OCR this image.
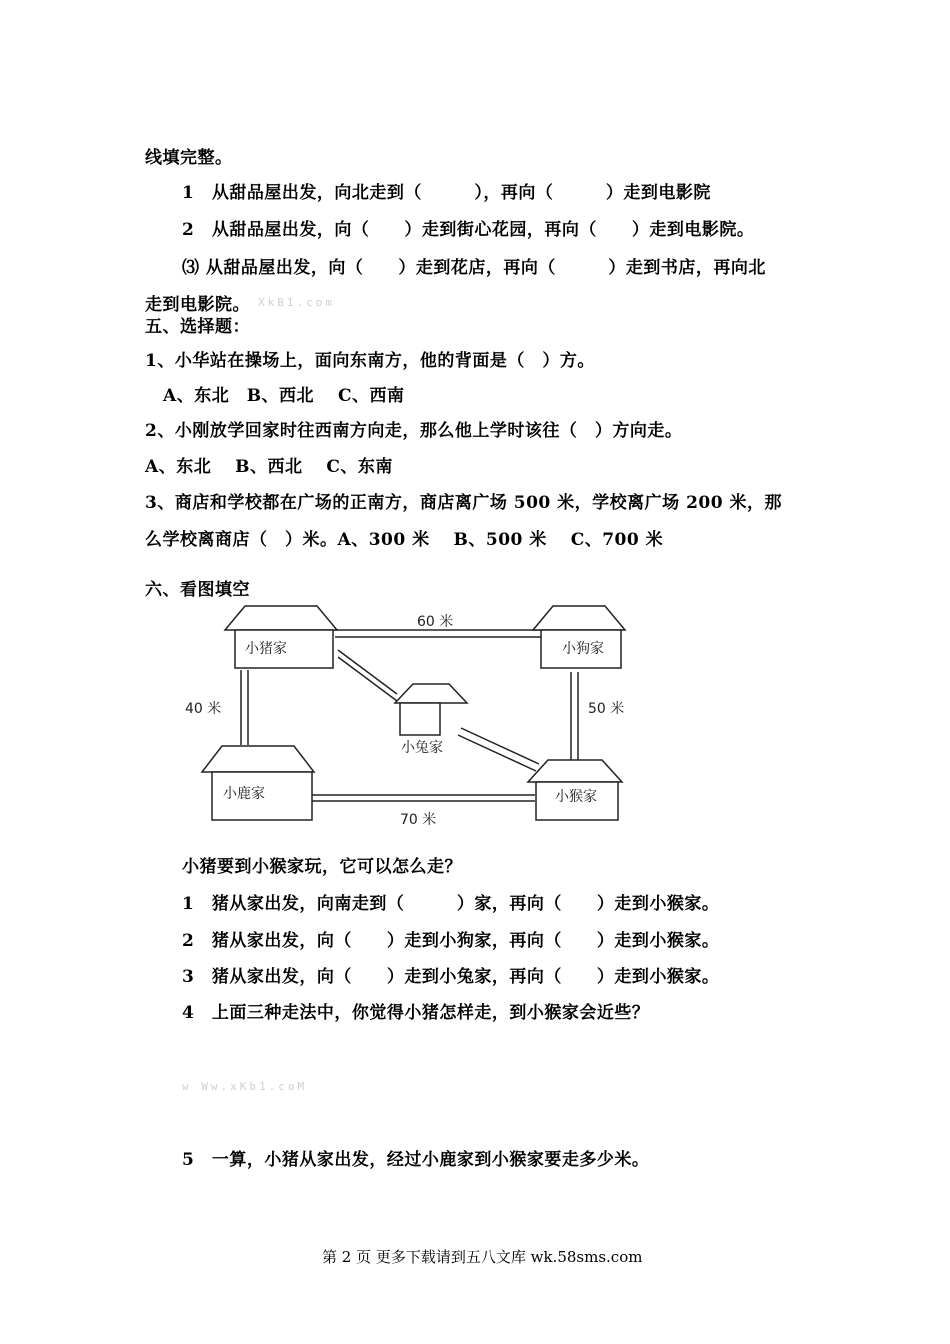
线填完整。
1　从甜品屋出发，向北走到（　　　），再向（　　　）走到电影院
2　从甜品屋出发，向（　　）走到街心花园，再向（　　）走到电影院。
⑶ 从甜品屋出发，向（　　）走到花店，再向（　　　）走到书店，再向北
走到电影院。 XkB1.com
五、选择题：
1、小华站在操场上，面向东南方，他的背面是（　）方。
A、东北　B、西北　 C、西南
2、小刚放学回家时往西南方向走，那么他上学时该往（　）方向走。
A、东北　 B、西北　 C、东南
3、商店和学校都在广场的正南方，商店离广场 500 米，学校离广场 200 米，那
么学校离商店（　）米。A、300 米　 B、500 米　 C、700 米
六、看图填空
小猪家	小狗家
小兔家
小鹿家	小猴家
60 米
40 米	50 米
70 米
小猪要到小猴家玩，它可以怎么走？
1　猪从家出发，向南走到（　　　）家，再向（　　）走到小猴家。
2　猪从家出发，向（　　）走到小狗家，再向（　　）走到小猴家。
3　猪从家出发，向（　　）走到小兔家，再向（　　）走到小猴家。
4　上面三种走法中，你觉得小猪怎样走，到小猴家会近些？
w Ww.xKb1.coM
5　一算，小猪从家出发，经过小鹿家到小猴家要走多少米。
第 2 页 更多下载请到五八文库 wk.58sms.com
